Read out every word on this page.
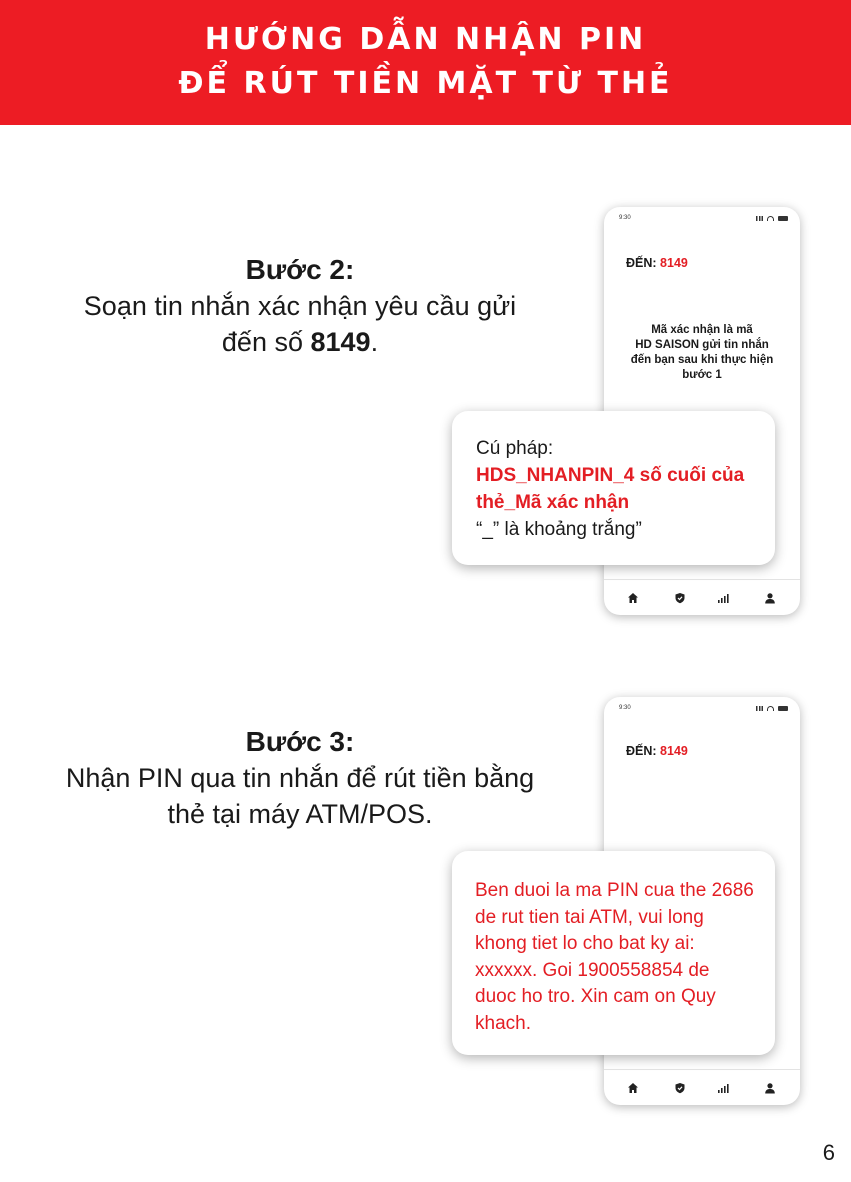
HƯỚNG DẪN NHẬN PIN
ĐỂ RÚT TIỀN MẶT TỪ THẺ
Bước 2:
Soạn tin nhắn xác nhận yêu cầu gửi
đến số 8149.
9:30
ĐẾN: 8149
Mã xác nhận là mã
HD SAISON gửi tin nhắn
đến bạn sau khi thực hiện
bước 1
Cú pháp:
HDS_NHANPIN_4 số cuối của
thẻ_Mã xác nhận
“_” là khoảng trắng”
Bước 3:
Nhận PIN qua tin nhắn để rút tiền bằng
thẻ tại máy ATM/POS.
9:30
ĐẾN: 8149
Ben duoi la ma PIN cua the 2686
de rut tien tai ATM, vui long
khong tiet lo cho bat ky ai:
xxxxxx. Goi 1900558854 de
duoc ho tro. Xin cam on Quy
khach.
6
